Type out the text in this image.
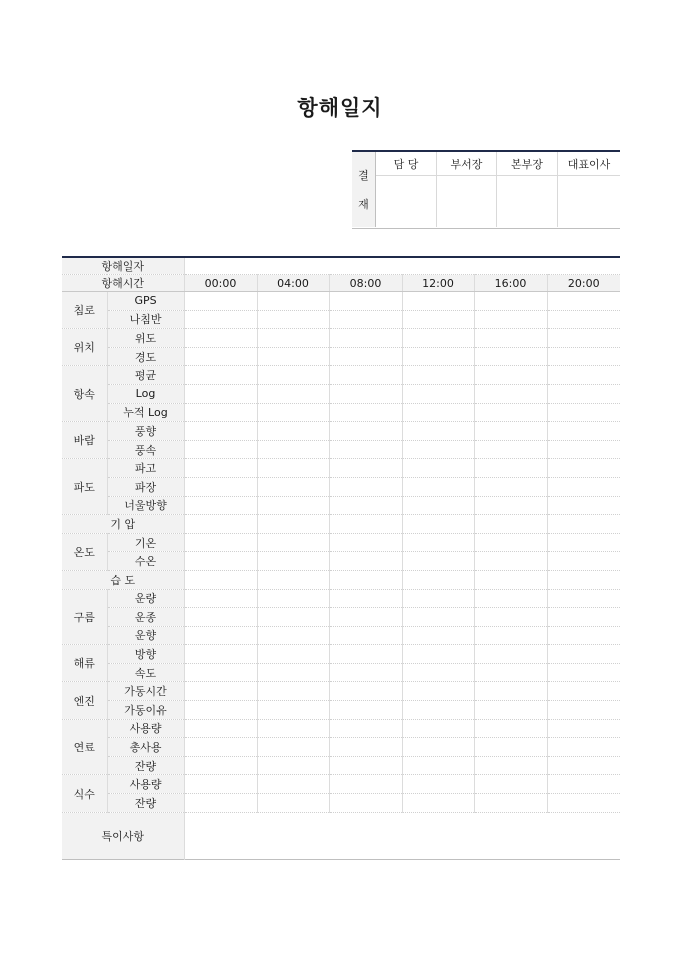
항해일지
결
재
담 당	부서장	본부장	대표이사
항해일자							
항해시간		00:00	04:00	08:00	12:00	16:00	20:00
침로	GPS						
	나침반						
위치	위도						
	경도						
항속	평균						
	Log						
	누적 Log						
바람	풍향						
	풍속						
파도	파고						
	파장						
	너울방향						
기 압							
온도	기온						
	수온						
습 도							
구름	운량						
	운종						
	운향						
해류	방향						
	속도						
엔진	가동시간						
	가동이유						
연료	사용량						
	총사용						
	잔량						
식수	사용량						
	잔량						
특이사항							
